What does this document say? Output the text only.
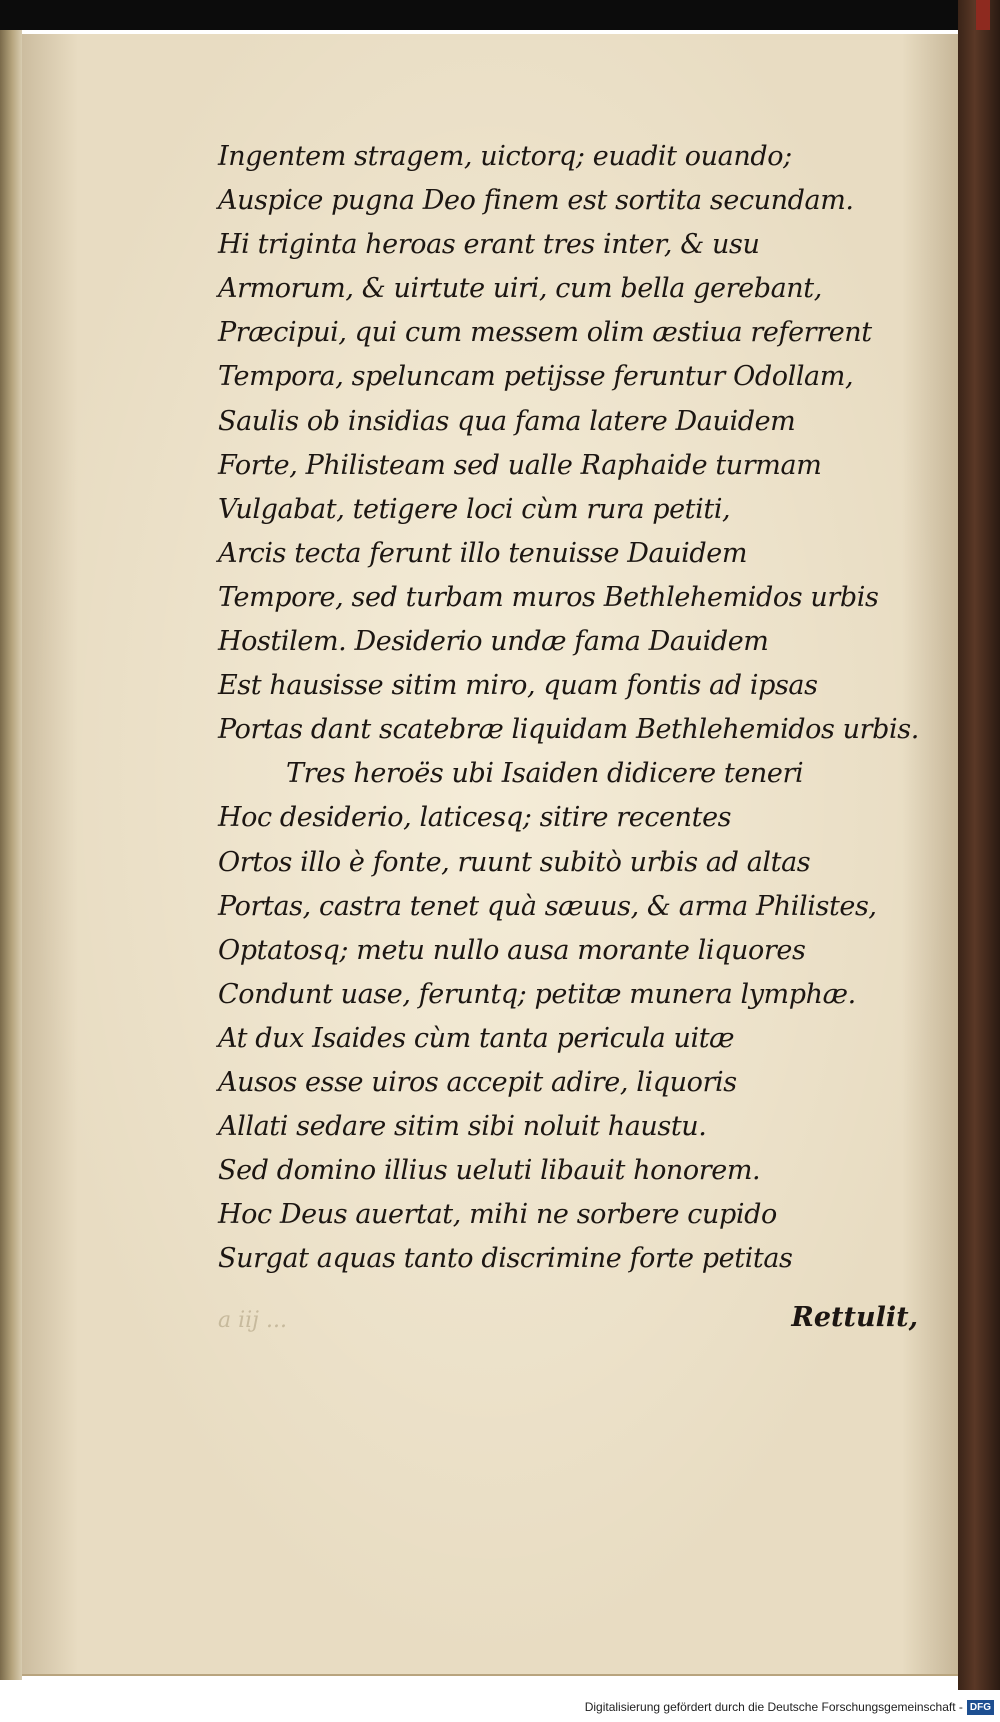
Ingentem stragem, uictorq; euadit ouando;
Auspice pugna Deo finem est sortita secundam.
Hi triginta heroas erant tres inter, & usu
Armorum, & uirtute uiri, cum bella gerebant,
Præcipui, qui cum messem olim æstiua referrent
Tempora, speluncam petijsse feruntur Odollam,
Saulis ob insidias qua fama latere Dauidem
Forte, Philisteam sed ualle Raphaide turmam
Vulgabat, tetigere loci cùm rura petiti,
Arcis tecta ferunt illo tenuisse Dauidem
Tempore, sed turbam muros Bethlehemidos urbis
Hostilem. Desiderio undæ fama Dauidem
Est hausisse sitim miro, quam fontis ad ipsas
Portas dant scatebræ liquidam Bethlehemidos urbis.
Tres heroës ubi Isaiden didicere teneri
Hoc desiderio, laticesq; sitire recentes
Ortos illo è fonte, ruunt subitò urbis ad altas
Portas, castra tenet quà sæuus, & arma Philistes,
Optatosq; metu nullo ausa morante liquores
Condunt uase, feruntq; petitæ munera lymphæ.
At dux Isaides cùm tanta pericula uitæ
Ausos esse uiros accepit adire, liquoris
Allati sedare sitim sibi noluit haustu.
Sed domino illius ueluti libauit honorem.
Hoc Deus auertat, mihi ne sorbere cupido
Surgat aquas tanto discrimine forte petitas
a iij ...	Rettulit,
Digitalisierung gefördert durch die Deutsche Forschungsgemeinschaft - DFG
